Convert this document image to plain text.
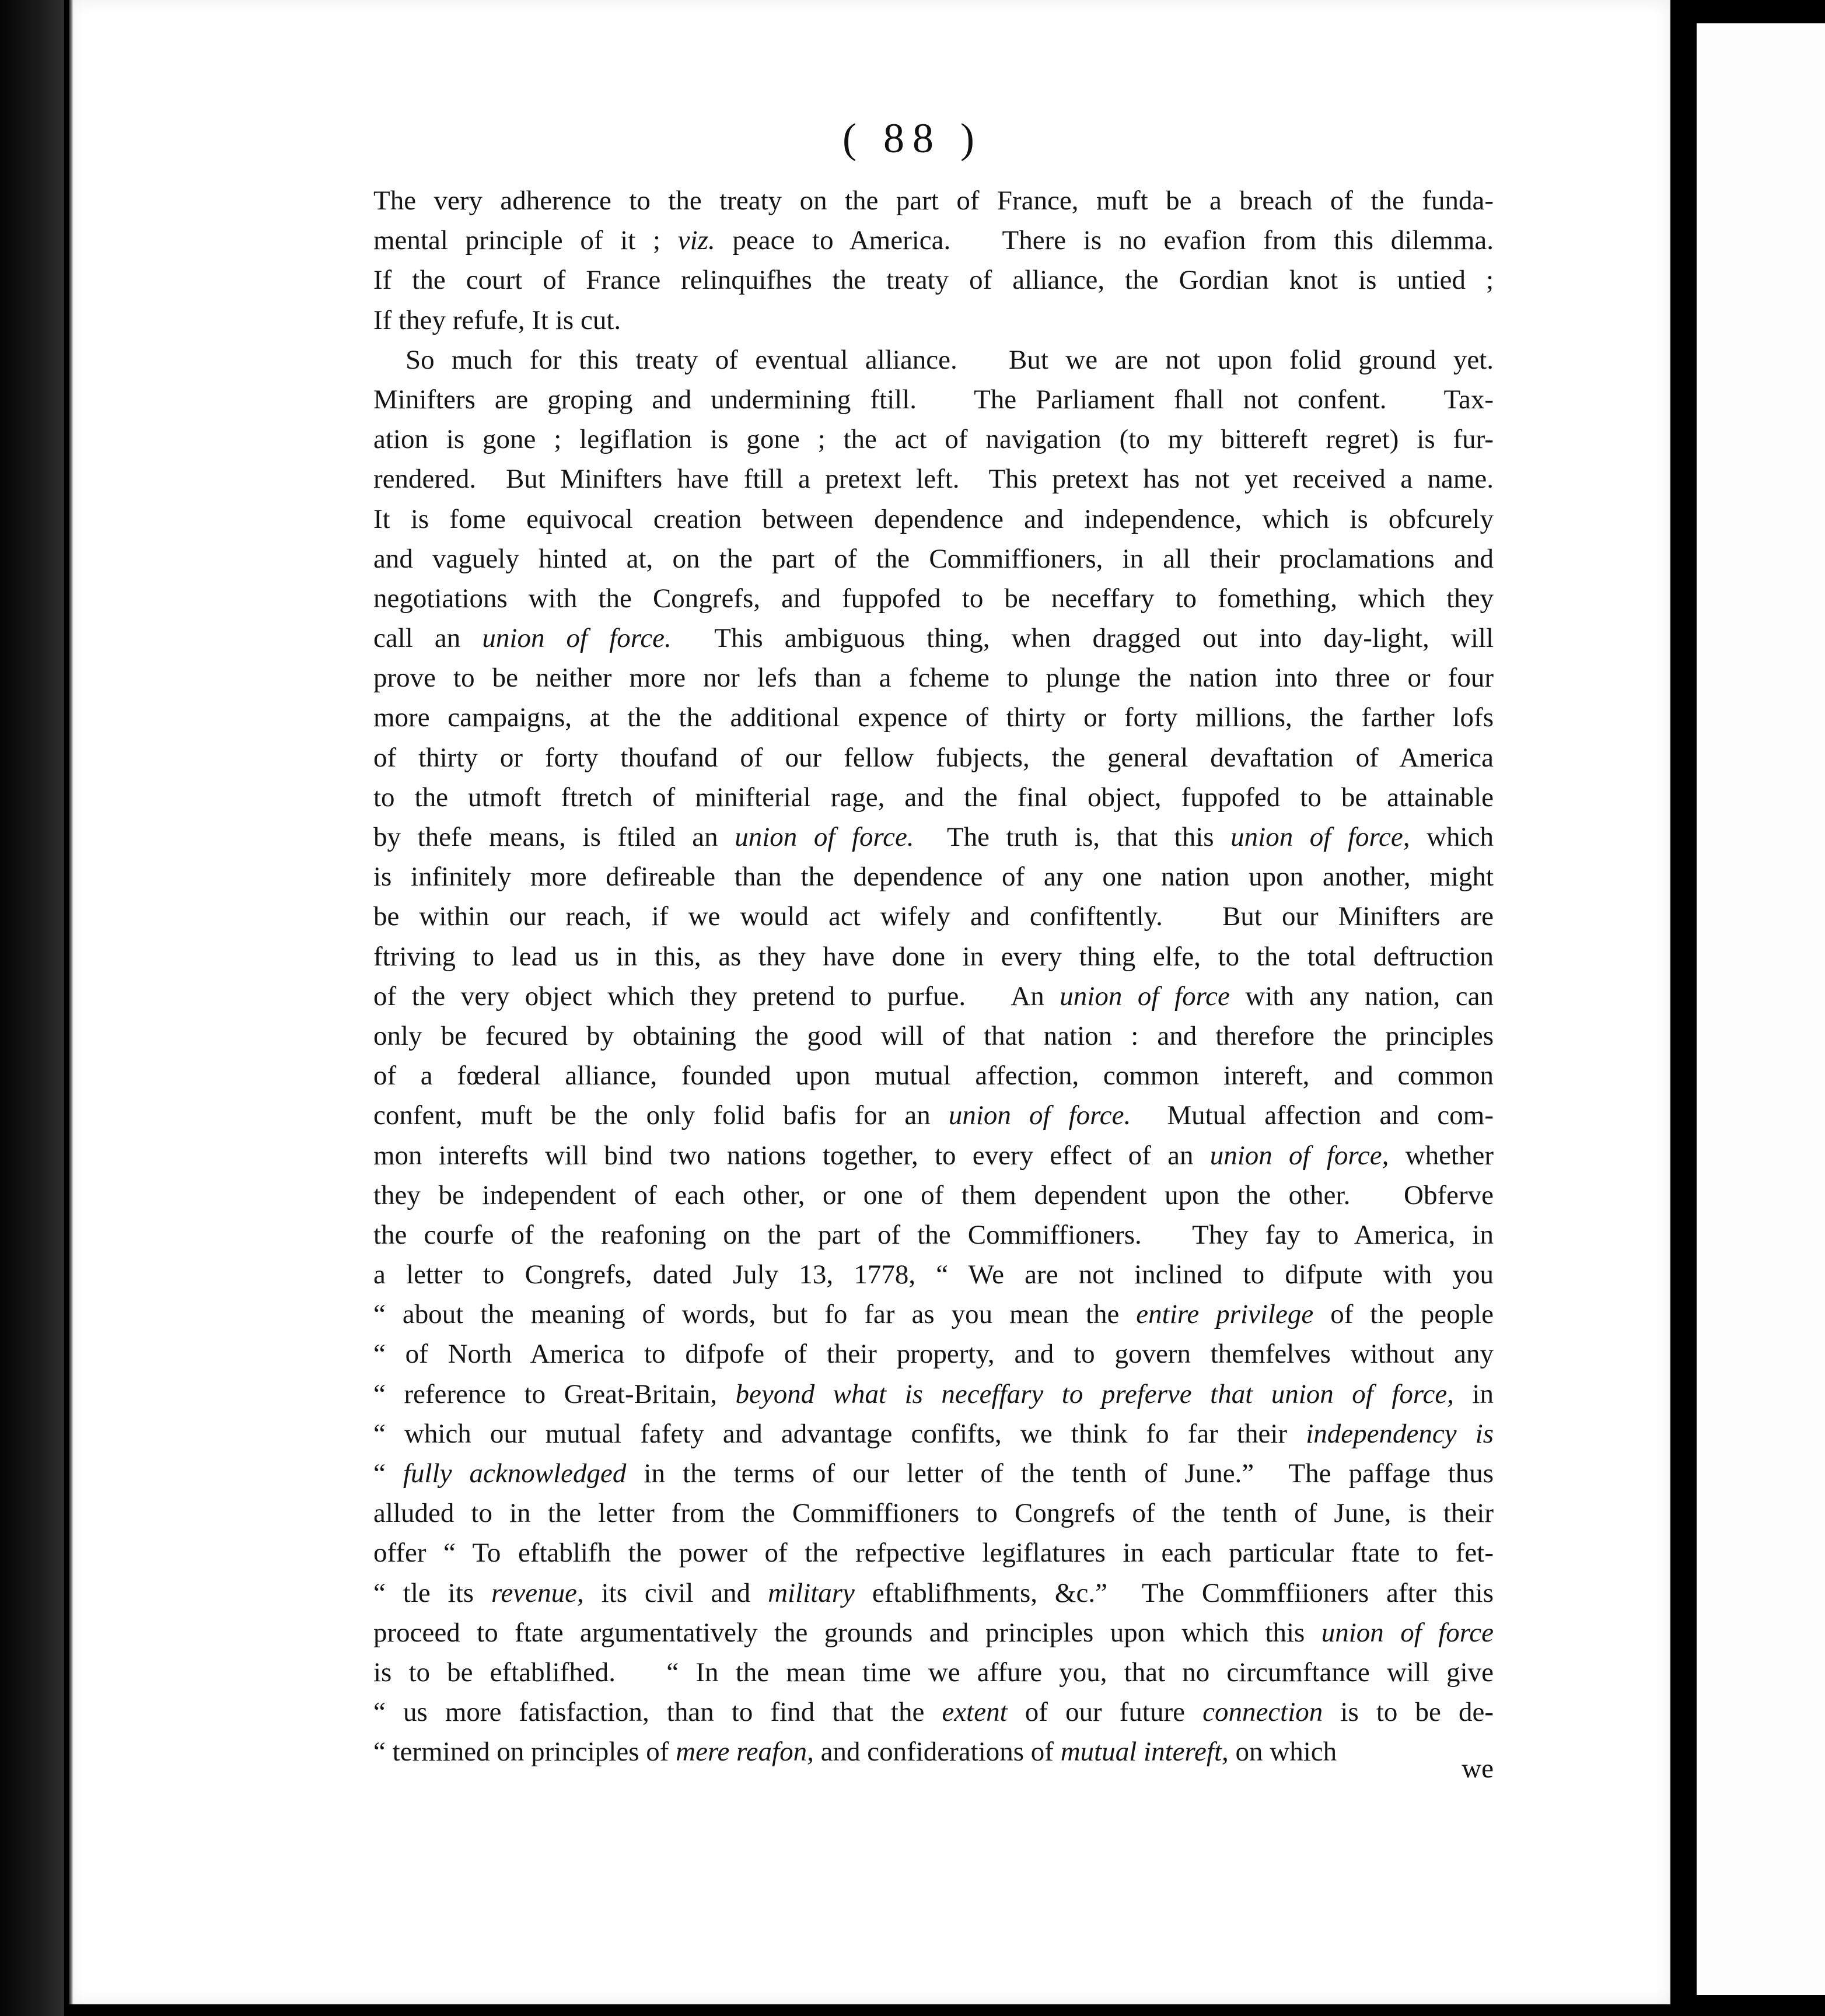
( 88 )
The very adherence to the treaty on the part of France, muft be a breach of the funda-
mental principle of it ; viz. peace to America.   There is no evafion from this dilemma.
If the court of France relinquifhes the treaty of alliance, the Gordian knot is untied ;
If they refufe, It is cut.
So much for this treaty of eventual alliance.   But we are not upon folid ground yet.
Minifters are groping and undermining ftill.   The Parliament fhall not confent.   Tax-
ation is gone ; legiflation is gone ; the act of navigation (to my bittereft regret) is fur-
rendered.  But Minifters have ftill a pretext left.  This pretext has not yet received a name.
It is fome equivocal creation between dependence and independence, which is obfcurely
and vaguely hinted at, on the part of the Commiffioners, in all their proclamations and
negotiations with the Congrefs, and fuppofed to be neceffary to fomething, which they
call an union of force. This ambiguous thing, when dragged out into day-light, will
prove to be neither more nor lefs than a fcheme to plunge the nation into three or four
more campaigns, at the the additional expence of thirty or forty millions, the farther lofs
of thirty or forty thoufand of our fellow fubjects, the general devaftation of America
to the utmoft ftretch of minifterial rage, and the final object, fuppofed to be attainable
by thefe means, is ftiled an union of force. The truth is, that this union of force, which
is infinitely more defireable than the dependence of any one nation upon another, might
be within our reach, if we would act wifely and confiftently.   But our Minifters are
ftriving to lead us in this, as they have done in every thing elfe, to the total deftruction
of the very object which they pretend to purfue.   An union of force with any nation, can
only be fecured by obtaining the good will of that nation : and therefore the principles
of a fœderal alliance, founded upon mutual affection, common intereft, and common
confent, muft be the only folid bafis for an union of force. Mutual affection and com-
mon interefts will bind two nations together, to every effect of an union of force, whether
they be independent of each other, or one of them dependent upon the other.   Obferve
the courfe of the reafoning on the part of the Commiffioners.   They fay to America, in
a letter to Congrefs, dated July 13, 1778, “ We are not inclined to difpute with you
“ about the meaning of words, but fo far as you mean the entire privilege of the people
“ of North America to difpofe of their property, and to govern themfelves without any
“ reference to Great-Britain, beyond what is neceffary to preferve that union of force, in
“ which our mutual fafety and advantage confifts, we think fo far their independency is
“ fully acknowledged in the terms of our letter of the tenth of June.”  The paffage thus
alluded to in the letter from the Commiffioners to Congrefs of the tenth of June, is their
offer “ To eftablifh the power of the refpective legiflatures in each particular ftate to fet-
“ tle its revenue, its civil and military eftablifhments, &c.”  The Commffiioners after this
proceed to ftate argumentatively the grounds and principles upon which this union of force
is to be eftablifhed.   “ In the mean time we affure you, that no circumftance will give
“ us more fatisfaction, than to find that the extent of our future connection is to be de-
“ termined on principles of mere reafon, and confiderations of mutual intereft, on which
we
